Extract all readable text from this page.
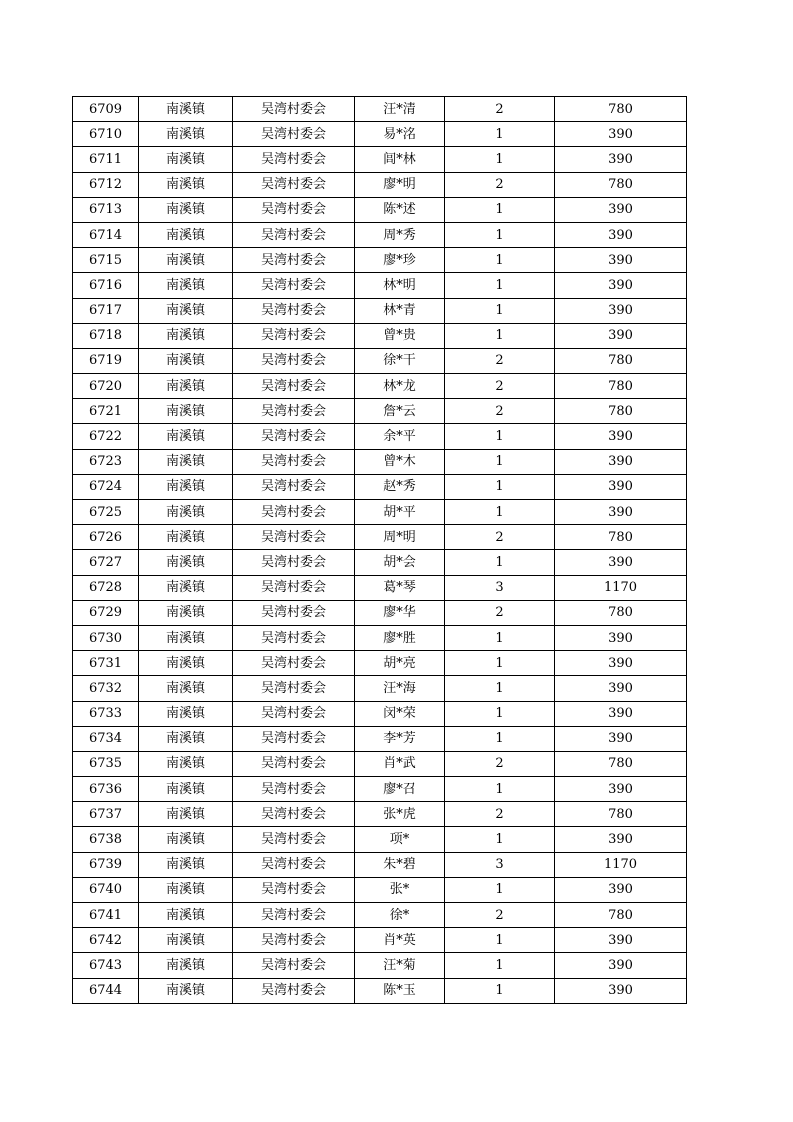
6709	南溪镇	吴湾村委会	汪*清	2	780
6710	南溪镇	吴湾村委会	易*洺	1	390
6711	南溪镇	吴湾村委会	闾*林	1	390
6712	南溪镇	吴湾村委会	廖*明	2	780
6713	南溪镇	吴湾村委会	陈*述	1	390
6714	南溪镇	吴湾村委会	周*秀	1	390
6715	南溪镇	吴湾村委会	廖*珍	1	390
6716	南溪镇	吴湾村委会	林*明	1	390
6717	南溪镇	吴湾村委会	林*青	1	390
6718	南溪镇	吴湾村委会	曾*贵	1	390
6719	南溪镇	吴湾村委会	徐*干	2	780
6720	南溪镇	吴湾村委会	林*龙	2	780
6721	南溪镇	吴湾村委会	詹*云	2	780
6722	南溪镇	吴湾村委会	余*平	1	390
6723	南溪镇	吴湾村委会	曾*木	1	390
6724	南溪镇	吴湾村委会	赵*秀	1	390
6725	南溪镇	吴湾村委会	胡*平	1	390
6726	南溪镇	吴湾村委会	周*明	2	780
6727	南溪镇	吴湾村委会	胡*会	1	390
6728	南溪镇	吴湾村委会	葛*琴	3	1170
6729	南溪镇	吴湾村委会	廖*华	2	780
6730	南溪镇	吴湾村委会	廖*胜	1	390
6731	南溪镇	吴湾村委会	胡*亮	1	390
6732	南溪镇	吴湾村委会	汪*海	1	390
6733	南溪镇	吴湾村委会	闵*荣	1	390
6734	南溪镇	吴湾村委会	李*芳	1	390
6735	南溪镇	吴湾村委会	肖*武	2	780
6736	南溪镇	吴湾村委会	廖*召	1	390
6737	南溪镇	吴湾村委会	张*虎	2	780
6738	南溪镇	吴湾村委会	项*	1	390
6739	南溪镇	吴湾村委会	朱*碧	3	1170
6740	南溪镇	吴湾村委会	张*	1	390
6741	南溪镇	吴湾村委会	徐*	2	780
6742	南溪镇	吴湾村委会	肖*英	1	390
6743	南溪镇	吴湾村委会	汪*菊	1	390
6744	南溪镇	吴湾村委会	陈*玉	1	390
